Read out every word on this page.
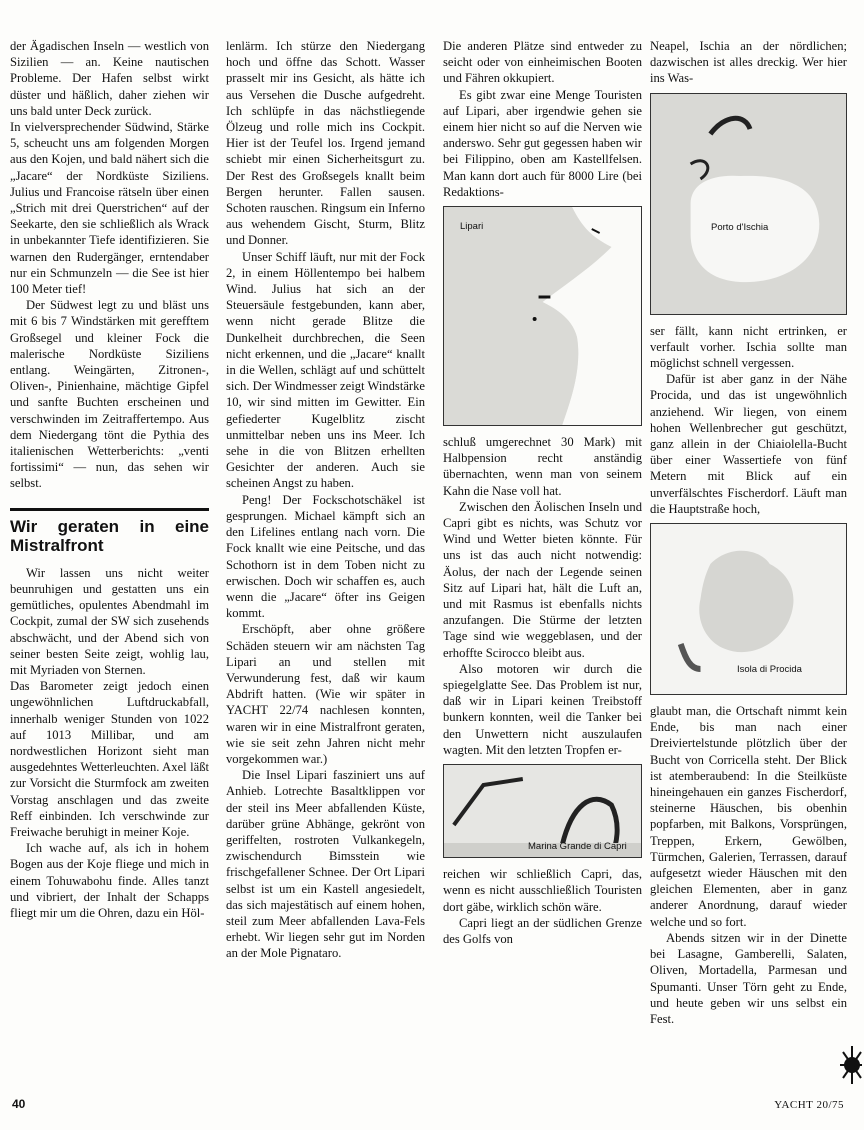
der Ägadischen Inseln — westlich von Sizilien — an. Keine nautischen Probleme. Der Hafen selbst wirkt düster und häßlich, daher ziehen wir uns bald unter Deck zurück.

In vielversprechender Südwind, Stärke 5, scheucht uns am folgenden Morgen aus den Kojen, und bald nähert sich die „Jacare“ der Nordküste Siziliens. Julius und Francoise rätseln über einen „Strich mit drei Querstrichen“ auf der Seekarte, den sie schließlich als Wrack in unbekannter Tiefe identifizieren. Sie warnen den Rudergänger, erntendaber nur ein Schmunzeln — die See ist hier 100 Meter tief!

Der Südwest legt zu und bläst uns mit 6 bis 7 Windstärken mit gerefftem Großsegel und kleiner Fock die malerische Nordküste Siziliens entlang. Weingärten, Zitronen-, Oliven-, Pinienhaine, mächtige Gipfel und sanfte Buchten erscheinen und verschwinden im Zeitraffertempo. Aus dem Niedergang tönt die Pythia des italienischen Wetterberichts: „venti fortissimi“ — nun, das sehen wir selbst.

Wir geraten in eine Mistralfront

Wir lassen uns nicht weiter beunruhigen und gestatten uns ein gemütliches, opulentes Abendmahl im Cockpit, zumal der SW sich zusehends abschwächt, und der Abend sich von seiner besten Seite zeigt, wohlig lau, mit Myriaden von Sternen.

Das Barometer zeigt jedoch einen ungewöhnlichen Luftdruckabfall, innerhalb weniger Stunden von 1022 auf 1013 Millibar, und am nordwestlichen Horizont sieht man ausgedehntes Wetterleuchten. Axel läßt zur Vorsicht die Sturmfock am zweiten Vorstag anschlagen und das zweite Reff einbinden. Ich verschwinde zur Freiwache beruhigt in meiner Koje.

Ich wache auf, als ich in hohem Bogen aus der Koje fliege und mich in einem Tohuwabohu finde. Alles tanzt und vibriert, der Inhalt der Schapps fliegt mir um die Ohren, dazu ein Höl-

lenlärm. Ich stürze den Niedergang hoch und öffne das Schott. Wasser prasselt mir ins Gesicht, als hätte ich aus Versehen die Dusche aufgedreht. Ich schlüpfe in das nächstliegende Ölzeug und rolle mich ins Cockpit. Hier ist der Teufel los. Irgend jemand schiebt mir einen Sicherheitsgurt zu. Der Rest des Großsegels knallt beim Bergen herunter. Fallen sausen. Schoten rauschen. Ringsum ein Inferno aus wehendem Gischt, Sturm, Blitz und Donner.

Unser Schiff läuft, nur mit der Fock 2, in einem Höllentempo bei halbem Wind. Julius hat sich an der Steuersäule festgebunden, kann aber, wenn nicht gerade Blitze die Dunkelheit durchbrechen, die Seen nicht erkennen, und die „Jacare“ knallt in die Wellen, schlägt auf und schüttelt sich. Der Windmesser zeigt Windstärke 10, wir sind mitten im Gewitter. Ein gefiederter Kugelblitz zischt unmittelbar neben uns ins Meer. Ich sehe in die von Blitzen erhellten Gesichter der anderen. Auch sie scheinen Angst zu haben.

Peng! Der Fockschotschäkel ist gesprungen. Michael kämpft sich an den Lifelines entlang nach vorn. Die Fock knallt wie eine Peitsche, und das Schothorn ist in dem Toben nicht zu erwischen. Doch wir schaffen es, auch wenn die „Jacare“ öfter ins Geigen kommt.

Erschöpft, aber ohne größere Schäden steuern wir am nächsten Tag Lipari an und stellen mit Verwunderung fest, daß wir kaum Abdrift hatten. (Wie wir später in YACHT 22/74 nachlesen konnten, waren wir in eine Mistralfront geraten, wie sie seit zehn Jahren nicht mehr vorgekommen war.)

Die Insel Lipari fasziniert uns auf Anhieb. Lotrechte Basaltklippen vor der steil ins Meer abfallenden Küste, darüber grüne Abhänge, gekrönt von geriffelten, rostroten Vulkankegeln, zwischendurch Bimsstein wie frischgefallener Schnee. Der Ort Lipari selbst ist um ein Kastell angesiedelt, das sich majestätisch auf einem hohen, steil zum Meer abfallenden Lava-Fels erhebt. Wir liegen sehr gut im Norden an der Mole Pignataro.

Die anderen Plätze sind entweder zu seicht oder von einheimischen Booten und Fähren okkupiert.

Es gibt zwar eine Menge Touristen auf Lipari, aber irgendwie gehen sie einem hier nicht so auf die Nerven wie anderswo. Sehr gut gegessen haben wir bei Filippino, oben am Kastellfelsen. Man kann dort auch für 8000 Lire (bei Redaktions-

Lipari

schluß umgerechnet 30 Mark) mit Halbpension recht anständig übernachten, wenn man von seinem Kahn die Nase voll hat.

Zwischen den Äolischen Inseln und Capri gibt es nichts, was Schutz vor Wind und Wetter bieten könnte. Für uns ist das auch nicht notwendig: Äolus, der nach der Legende seinen Sitz auf Lipari hat, hält die Luft an, und mit Rasmus ist ebenfalls nichts anzufangen. Die Stürme der letzten Tage sind wie weggeblasen, und der erhoffte Scirocco bleibt aus.

Also motoren wir durch die spiegelglatte See. Das Problem ist nur, daß wir in Lipari keinen Treibstoff bunkern konnten, weil die Tanker bei den Unwettern nicht auszulaufen wagten. Mit den letzten Tropfen er-

Marina Grande di Capri

reichen wir schließlich Capri, das, wenn es nicht ausschließlich Touristen dort gäbe, wirklich schön wäre.

Capri liegt an der südlichen Grenze des Golfs von

Neapel, Ischia an der nördlichen; dazwischen ist alles dreckig. Wer hier ins Was-

Porto d'Ischia

ser fällt, kann nicht ertrinken, er verfault vorher. Ischia sollte man möglichst schnell vergessen.

Dafür ist aber ganz in der Nähe Procida, und das ist ungewöhnlich anziehend. Wir liegen, von einem hohen Wellenbrecher gut geschützt, ganz allein in der Chiaiolella-Bucht über einer Wassertiefe von fünf Metern mit Blick auf ein unverfälschtes Fischerdorf. Läuft man die Hauptstraße hoch,

Isola di Procida

glaubt man, die Ortschaft nimmt kein Ende, bis man nach einer Dreiviertelstunde plötzlich über der Bucht von Corricella steht. Der Blick ist atemberaubend: In die Steilküste hineingehauen ein ganzes Fischerdorf, steinerne Häuschen, bis obenhin popfarben, mit Balkons, Vorsprüngen, Treppen, Erkern, Gewölben, Türmchen, Galerien, Terrassen, darauf aufgesetzt wieder Häuschen mit den gleichen Elementen, aber in ganz anderer Anordnung, darauf wieder welche und so fort.

Abends sitzen wir in der Dinette bei Lasagne, Gamberelli, Salaten, Oliven, Mortadella, Parmesan und Spumanti. Unser Törn geht zu Ende, und heute geben wir uns selbst ein Fest.

40	YACHT 20/75
